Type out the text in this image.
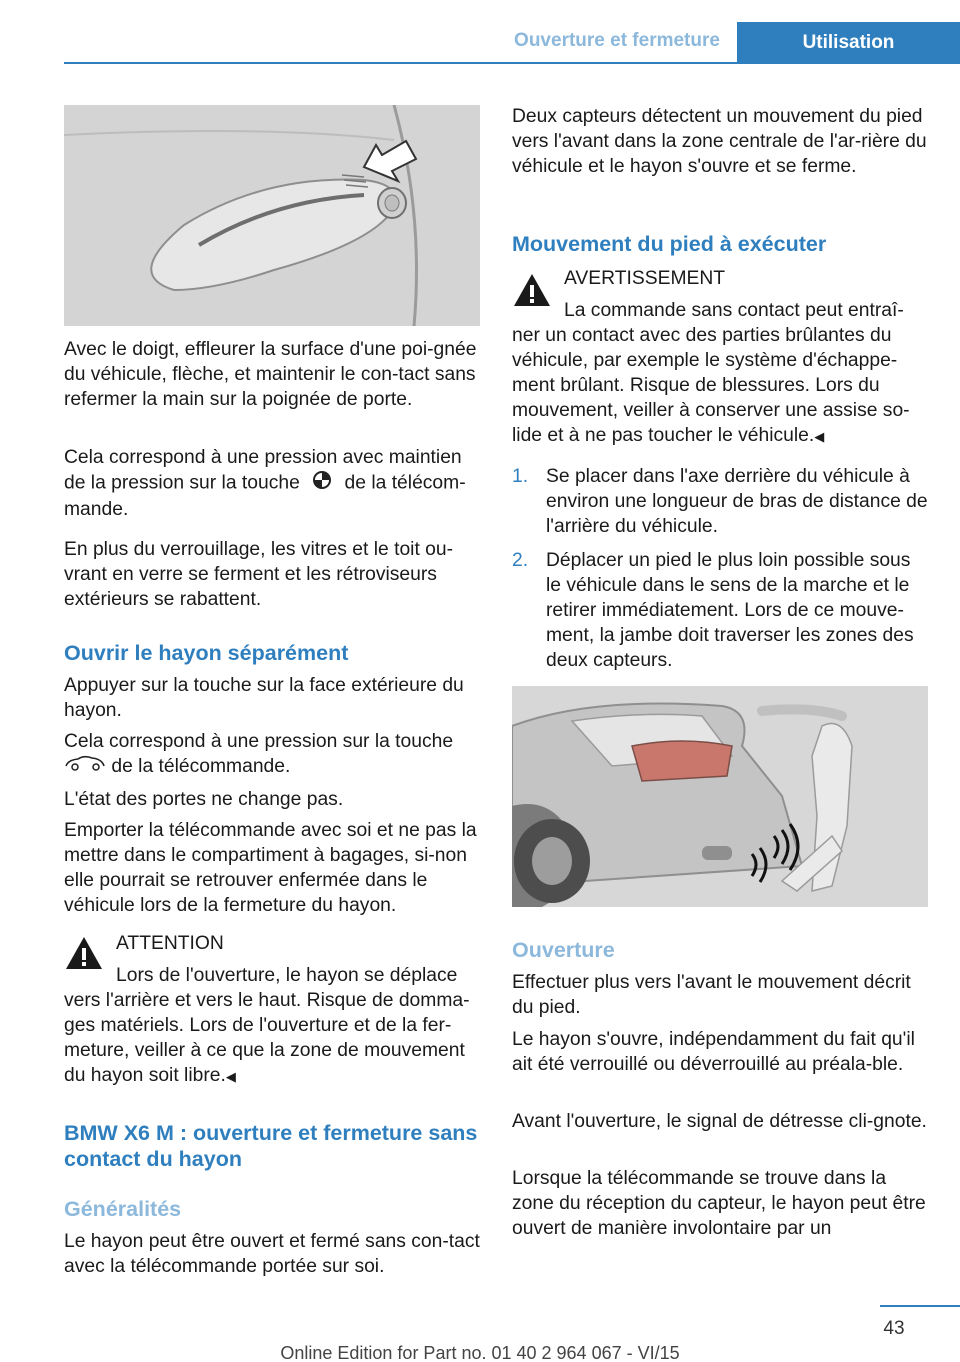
Ouverture et fermeture	Utilisation

Avec le doigt, effleurer la surface d'une poi‐gnée du véhicule, flèche, et maintenir le con‐tact sans refermer la main sur la poignée de porte.

Cela correspond à une pression avec maintien de la pression sur la touche de la télécom‐mande.

En plus du verrouillage, les vitres et le toit ou‐vrant en verre se ferment et les rétroviseurs extérieurs se rabattent.

Ouvrir le hayon séparément

Appuyer sur la touche sur la face extérieure du hayon.

Cela correspond à une pression sur la touche
de la télécommande.

L'état des portes ne change pas.

Emporter la télécommande avec soi et ne pas la mettre dans le compartiment à bagages, si‐non elle pourrait se retrouver enfermée dans le véhicule lors de la fermeture du hayon.

ATTENTION

Lors de l'ouverture, le hayon se déplace vers l'arrière et vers le haut. Risque de domma‐ges matériels. Lors de l'ouverture et de la fer‐meture, veiller à ce que la zone de mouvement du hayon soit libre.◀

BMW X6 M : ouverture et fermeture sans contact du hayon
Généralités

Le hayon peut être ouvert et fermé sans con‐tact avec la télécommande portée sur soi.

Deux capteurs détectent un mouvement du pied vers l'avant dans la zone centrale de l'ar‐rière du véhicule et le hayon s'ouvre et se ferme.

Mouvement du pied à exécuter

AVERTISSEMENT

La commande sans contact peut entraî‐

ner un contact avec des parties brûlantes du véhicule, par exemple le système d'échappe‐ment brûlant. Risque de blessures. Lors du mouvement, veiller à conserver une assise so‐lide et à ne pas toucher le véhicule.◀

1. Se placer dans l'axe derrière du véhicule à environ une longueur de bras de distance de l'arrière du véhicule.
2. Déplacer un pied le plus loin possible sous le véhicule dans le sens de la marche et le retirer immédiatement. Lors de ce mouve‐ment, la jambe doit traverser les zones des deux capteurs.
Ouverture

Effectuer plus vers l'avant le mouvement décrit du pied.

Le hayon s'ouvre, indépendamment du fait qu'il ait été verrouillé ou déverrouillé au préala‐ble.

Avant l'ouverture, le signal de détresse cli‐gnote.

Lorsque la télécommande se trouve dans la zone du réception du capteur, le hayon peut être ouvert de manière involontaire par un

43
Online Edition for Part no. 01 40 2 964 067 - VI/15
